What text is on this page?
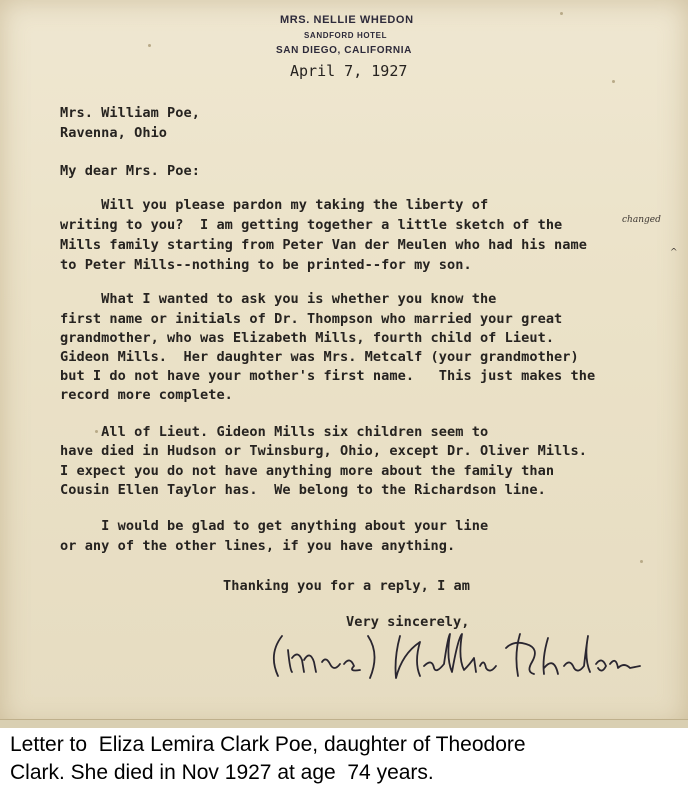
MRS. NELLIE WHEDON
SANDFORD HOTEL
SAN DIEGO, CALIFORNIA
April 7, 1927
Mrs. William Poe,
Ravenna, Ohio
My dear Mrs. Poe:
Will you please pardon my taking the liberty of
writing to you?  I am getting together a little sketch of the
Mills family starting from Peter Van der Meulen who had his name
to Peter Mills--nothing to be printed--for my son.
changed
^
What I wanted to ask you is whether you know the
first name or initials of Dr. Thompson who married your great
grandmother, who was Elizabeth Mills, fourth child of Lieut.
Gideon Mills.  Her daughter was Mrs. Metcalf (your grandmother)
but I do not have your mother's first name.   This just makes the
record more complete.
All of Lieut. Gideon Mills six children seem to
have died in Hudson or Twinsburg, Ohio, except Dr. Oliver Mills.
I expect you do not have anything more about the family than
Cousin Ellen Taylor has.  We belong to the Richardson line.
I would be glad to get anything about your line
or any of the other lines, if you have anything.
Thanking you for a reply, I am
Very sincerely,
Letter to  Eliza Lemira Clark Poe, daughter of Theodore
Clark. She died in Nov 1927 at age  74 years.
